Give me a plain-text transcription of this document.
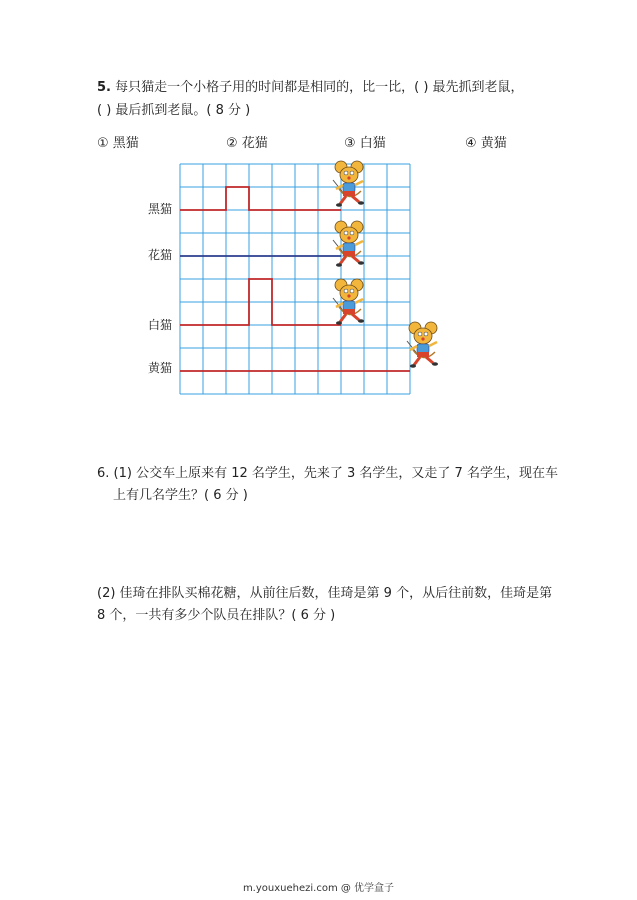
5. 每只猫走一个小格子用的时间都是相同的，比一比，( ) 最先抓到老鼠，
( ) 最后抓到老鼠。( 8 分 )
① 黑猫	② 花猫	③ 白猫	④ 黄猫
黑猫
花猫
白猫
黄猫
6. (1) 公交车上原来有 12 名学生，先来了 3 名学生，又走了 7 名学生，现在车
上有几名学生？( 6 分 )
(2) 佳琦在排队买棉花糖，从前往后数，佳琦是第 9 个，从后往前数，佳琦是第
8 个，一共有多少个队员在排队？( 6 分 )
m.youxuehezi.com @ 优学盒子
